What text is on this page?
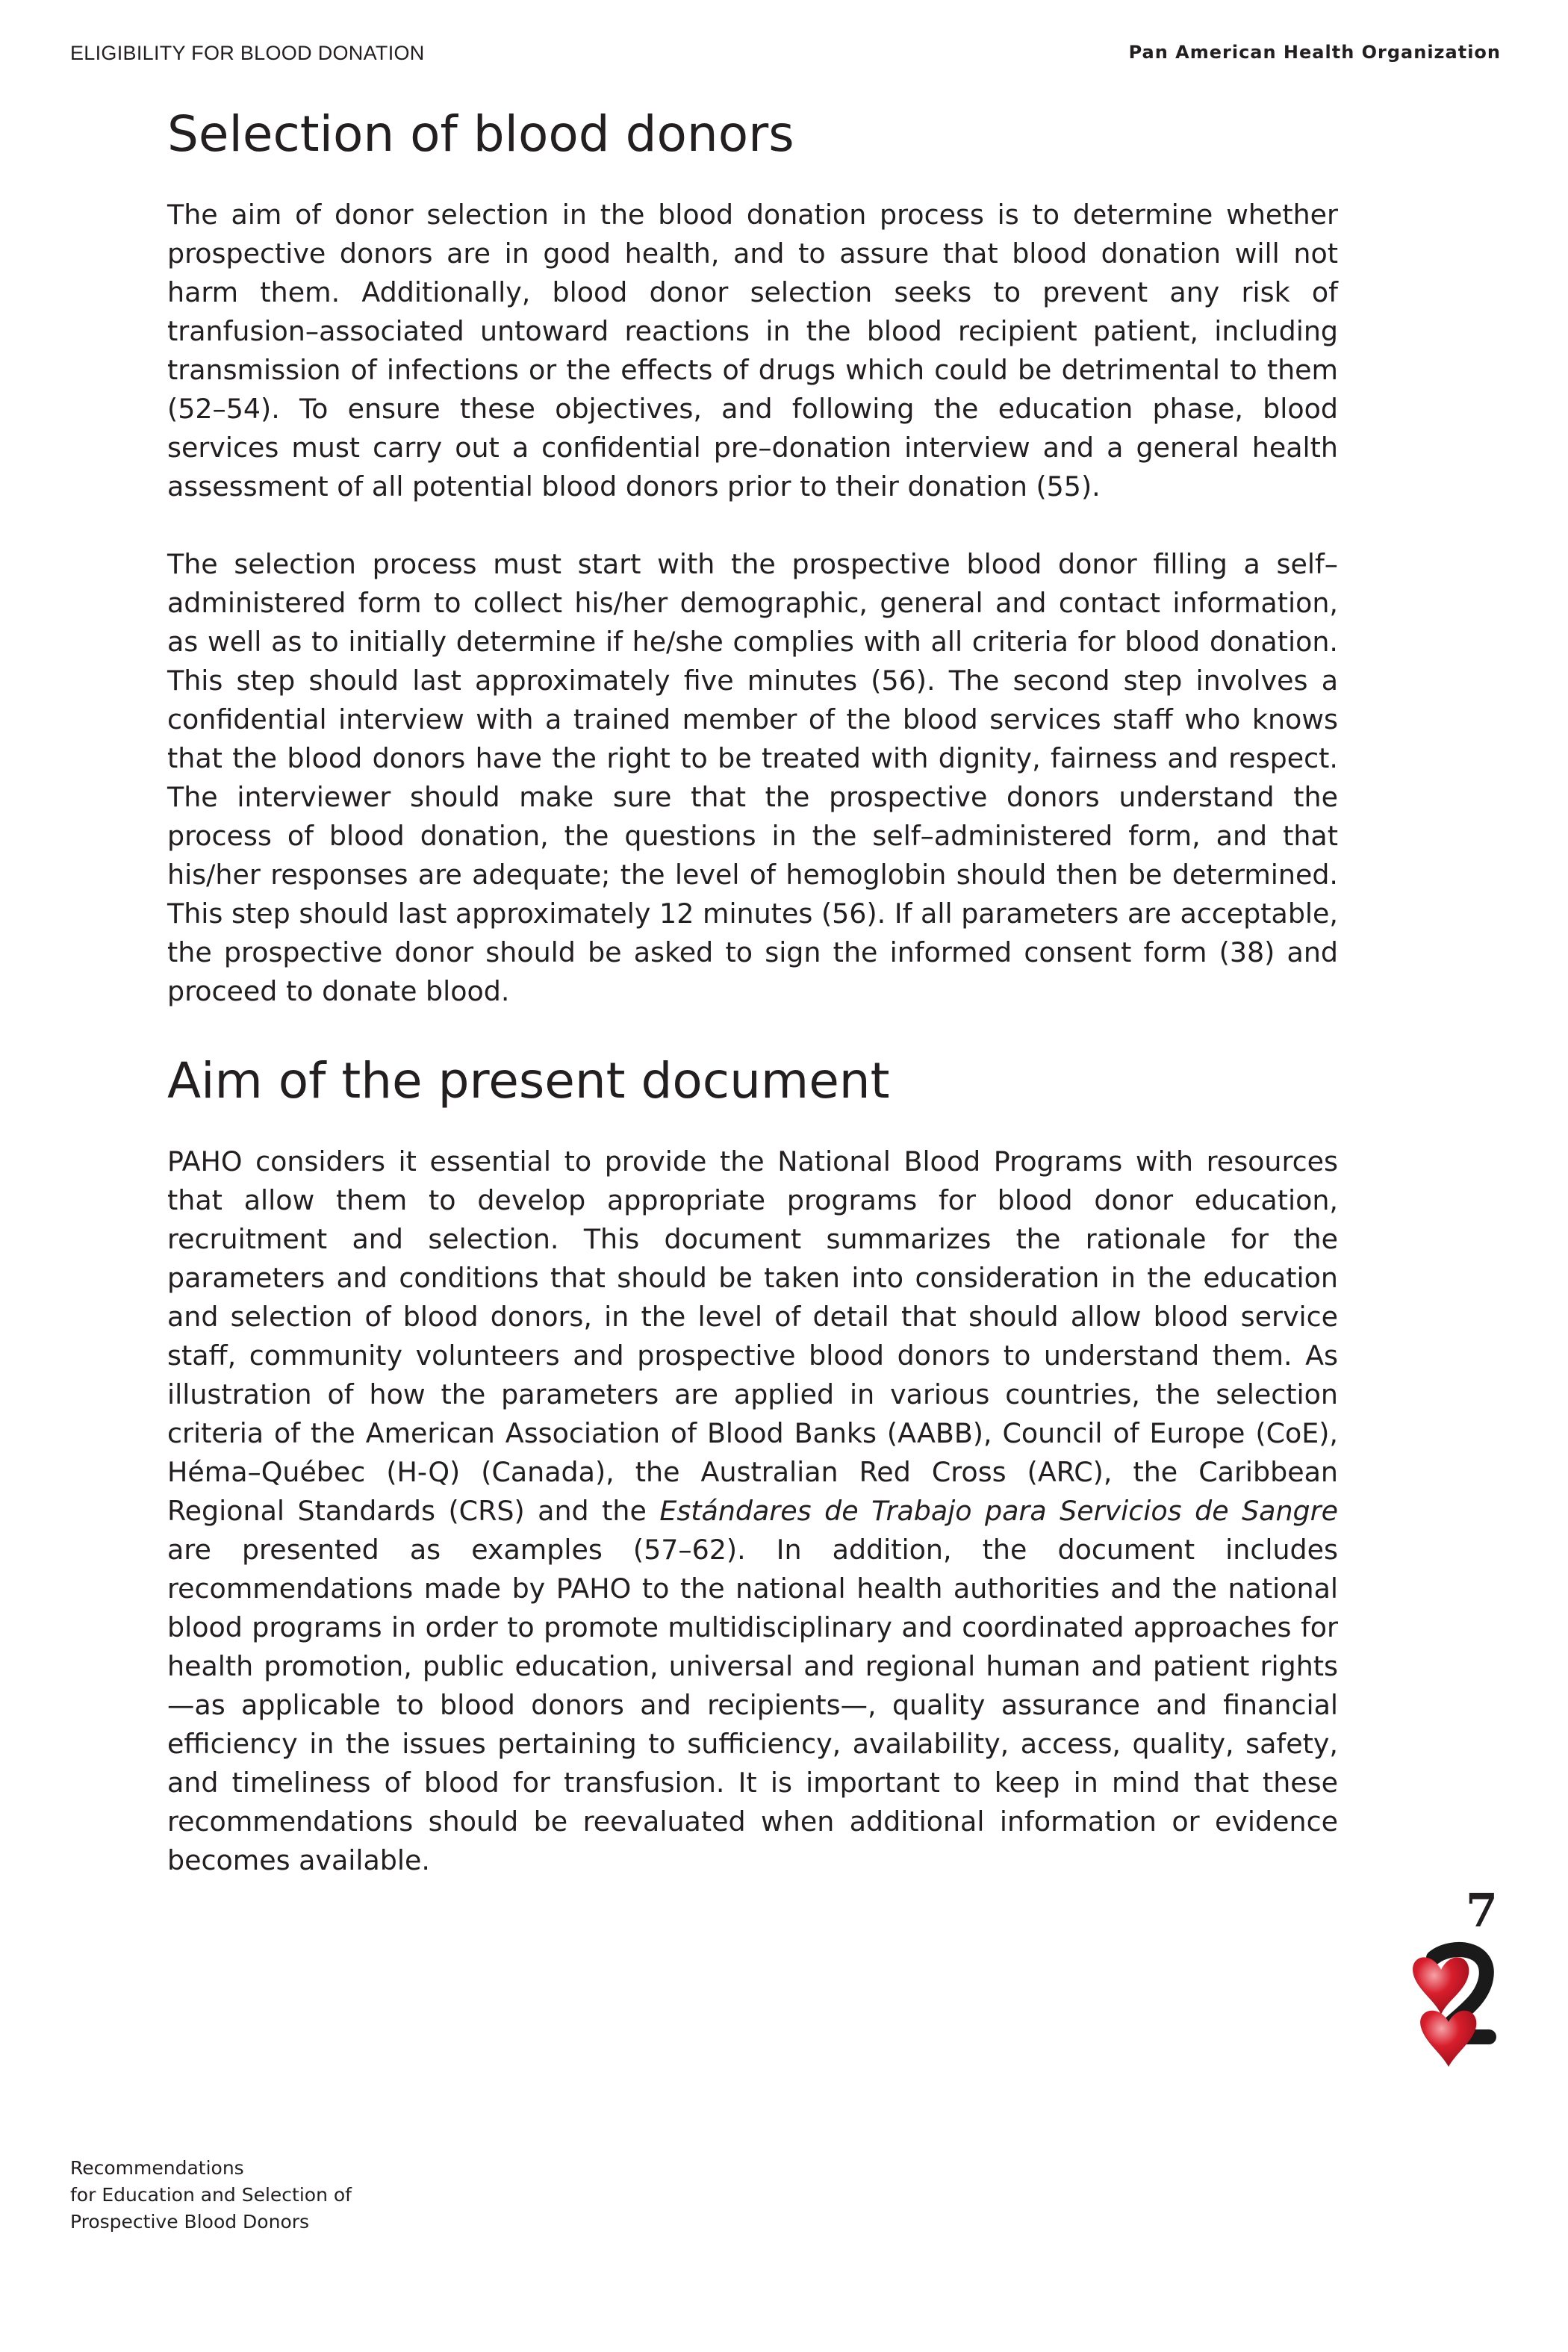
ELIGIBILITY FOR BLOOD DONATION	Pan American Health Organization
Selection of blood donors

The aim of donor selection in the blood donation process is to determine whether prospective donors are in good health, and to assure that blood donation will not harm them. Additionally, blood donor selection seeks to prevent any risk of tranfusion–associated untoward reactions in the blood recipient patient, including transmission of infections or the effects of drugs which could be detrimental to them (52–54). To ensure these objectives, and following the education phase, blood services must carry out a confidential pre–donation interview and a general health assessment of all potential blood donors prior to their donation (55).

The selection process must start with the prospective blood donor filling a self–administered form to collect his/her demographic, general and contact information, as well as to initially determine if he/she complies with all criteria for blood donation. This step should last approximately five minutes (56). The second step involves a confidential interview with a trained member of the blood services staff who knows that the blood donors have the right to be treated with dignity, fairness and respect. The interviewer should make sure that the prospective donors understand the process of blood donation, the questions in the self–administered form, and that his/her responses are adequate; the level of hemoglobin should then be determined. This step should last approximately 12 minutes (56). If all parameters are acceptable, the prospective donor should be asked to sign the informed consent form (38) and proceed to donate blood.

Aim of the present document

PAHO considers it essential to provide the National Blood Programs with resources that allow them to develop appropriate programs for blood donor education, recruitment and selection. This document summarizes the rationale for the parameters and conditions that should be taken into consideration in the education and selection of blood donors, in the level of detail that should allow blood service staff, community volunteers and prospective blood donors to understand them. As illustration of how the parameters are applied in various countries, the selection criteria of the American Association of Blood Banks (AABB), Council of Europe (CoE), Héma–Québec (H-Q) (Canada), the Australian Red Cross (ARC), the Caribbean Regional Standards (CRS) and the Estándares de Trabajo para Servicios de Sangre are presented as examples (57–62). In addition, the document includes recommendations made by PAHO to the national health authorities and the national blood programs in order to promote multidisciplinary and coordinated approaches for health promotion, public education, universal and regional human and patient rights —as applicable to blood donors and recipients—, quality assurance and financial efficiency in the issues pertaining to sufficiency, availability, access, quality, safety, and timeliness of blood for transfusion. It is important to keep in mind that these recommendations should be reevaluated when additional information or evidence becomes available.

7
Recommendations
for Education and Selection of
Prospective Blood Donors
